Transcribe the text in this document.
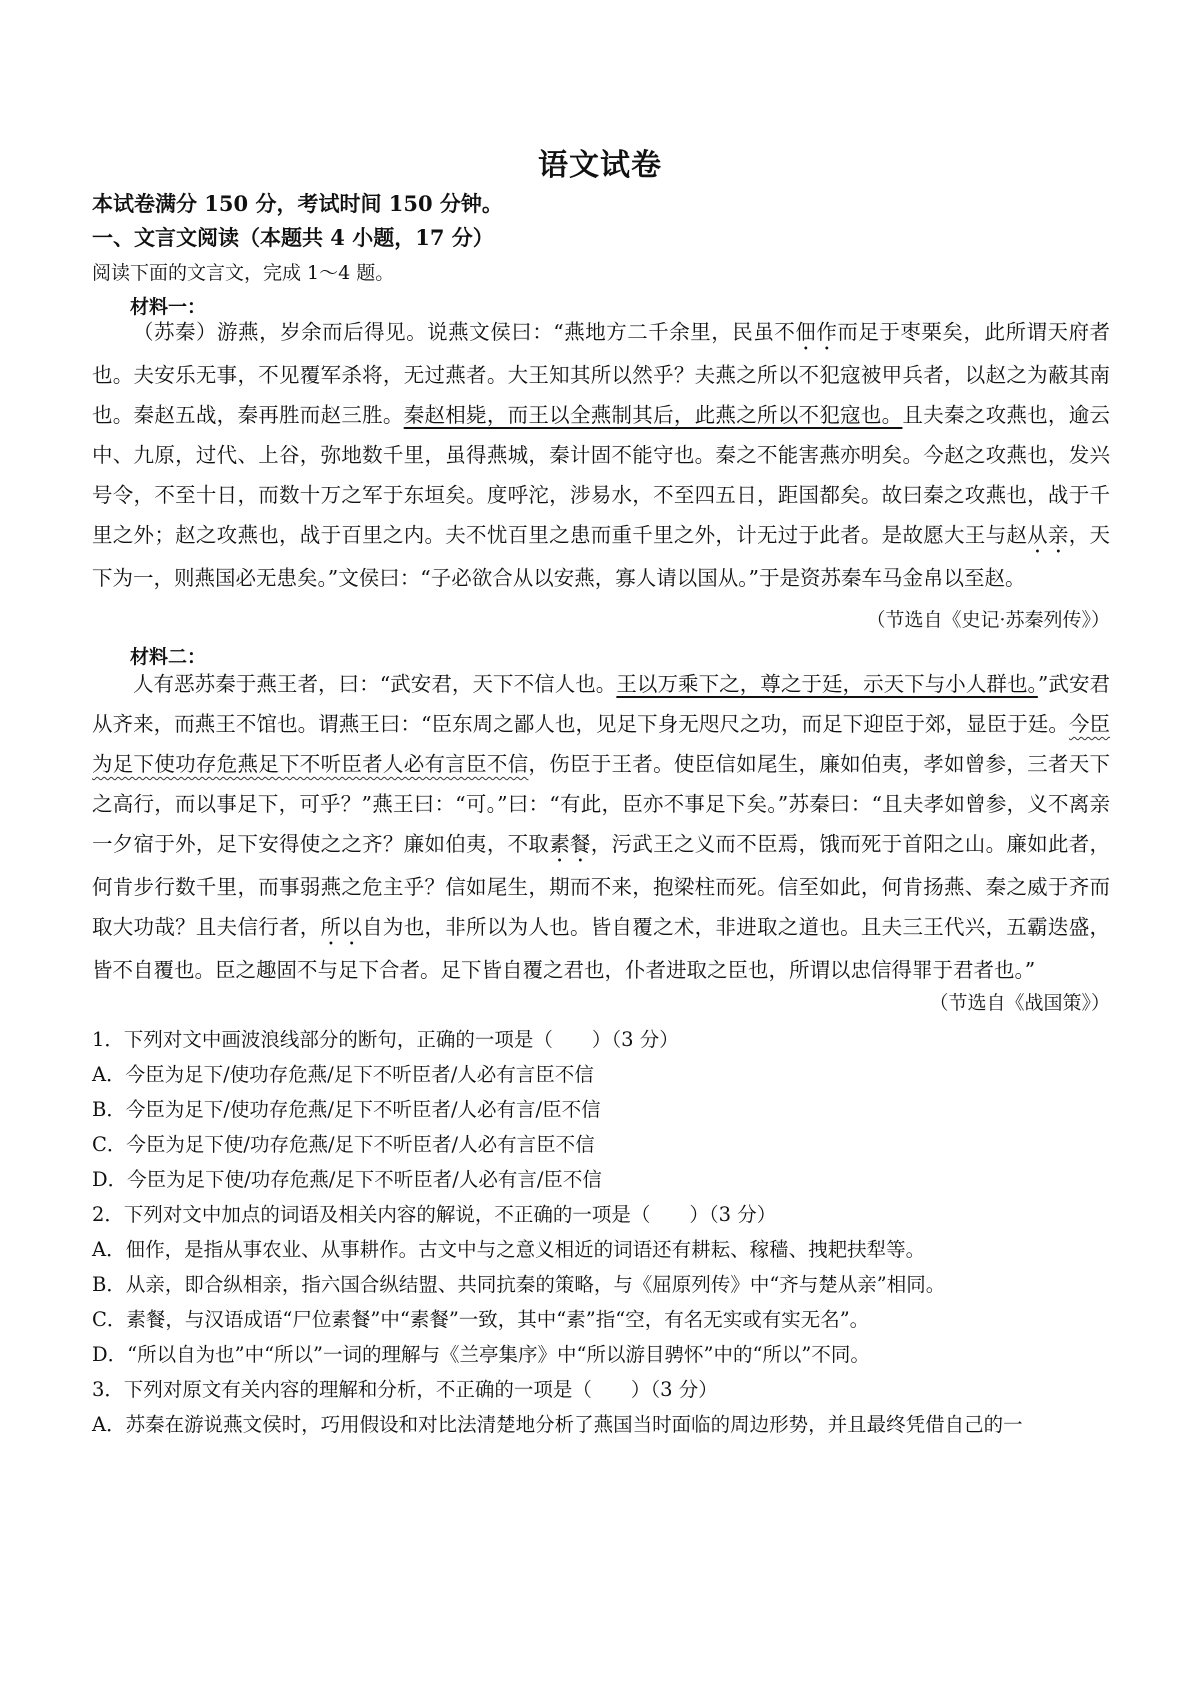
语文试卷
本试卷满分 150 分，考试时间 150 分钟。
一、文言文阅读（本题共 4 小题，17 分）
阅读下面的文言文，完成 1～4 题。
材料一：

（苏秦）游燕，岁余而后得见。说燕文侯曰：“燕地方二千余里，民虽不佃作而足于枣栗矣，此所谓天府者也。夫安乐无事，不见覆军杀将，无过燕者。大王知其所以然乎？夫燕之所以不犯寇被甲兵者，以赵之为蔽其南也。秦赵五战，秦再胜而赵三胜。秦赵相毙，而王以全燕制其后，此燕之所以不犯寇也。且夫秦之攻燕也，逾云中、九原，过代、上谷，弥地数千里，虽得燕城，秦计固不能守也。秦之不能害燕亦明矣。今赵之攻燕也，发兴号令，不至十日，而数十万之军于东垣矣。度呼沱，涉易水，不至四五日，距国都矣。故曰秦之攻燕也，战于千里之外；赵之攻燕也，战于百里之内。夫不忧百里之患而重千里之外，计无过于此者。是故愿大王与赵从亲，天下为一，则燕国必无患矣。”文侯曰：“子必欲合从以安燕，寡人请以国从。”于是资苏秦车马金帛以至赵。

（节选自《史记·苏秦列传》）
材料二：

人有恶苏秦于燕王者，曰：“武安君，天下不信人也。王以万乘下之，尊之于廷，示天下与小人群也。”武安君从齐来，而燕王不馆也。谓燕王曰：“臣东周之鄙人也，见足下身无咫尺之功，而足下迎臣于郊，显臣于廷。今臣为足下使功存危燕足下不听臣者人必有言臣不信，伤臣于王者。使臣信如尾生，廉如伯夷，孝如曾参，三者天下之高行，而以事足下，可乎？”燕王曰：“可。”曰：“有此，臣亦不事足下矣。”苏秦曰：“且夫孝如曾参，义不离亲一夕宿于外，足下安得使之之齐？廉如伯夷，不取素餐，污武王之义而不臣焉，饿而死于首阳之山。廉如此者，何肯步行数千里，而事弱燕之危主乎？信如尾生，期而不来，抱梁柱而死。信至如此，何肯扬燕、秦之威于齐而取大功哉？且夫信行者，所以自为也，非所以为人也。皆自覆之术，非进取之道也。且夫三王代兴，五霸迭盛，皆不自覆也。臣之趣固不与足下合者。足下皆自覆之君也，仆者进取之臣也，所谓以忠信得罪于君者也。”

（节选自《战国策》）
1．下列对文中画波浪线部分的断句，正确的一项是（　　）（3 分）
A．今臣为足下/使功存危燕/足下不听臣者/人必有言臣不信
B．今臣为足下/使功存危燕/足下不听臣者/人必有言/臣不信
C．今臣为足下使/功存危燕/足下不听臣者/人必有言臣不信
D．今臣为足下使/功存危燕/足下不听臣者/人必有言/臣不信
2．下列对文中加点的词语及相关内容的解说，不正确的一项是（　　）（3 分）
A．佃作，是指从事农业、从事耕作。古文中与之意义相近的词语还有耕耘、稼穑、拽耙扶犁等。
B．从亲，即合纵相亲，指六国合纵结盟、共同抗秦的策略，与《屈原列传》中“齐与楚从亲”相同。
C．素餐，与汉语成语“尸位素餐”中“素餐”一致，其中“素”指“空，有名无实或有实无名”。
D．“所以自为也”中“所以”一词的理解与《兰亭集序》中“所以游目骋怀”中的“所以”不同。
3．下列对原文有关内容的理解和分析，不正确的一项是（　　）（3 分）
A．苏秦在游说燕文侯时，巧用假设和对比法清楚地分析了燕国当时面临的周边形势，并且最终凭借自己的一
